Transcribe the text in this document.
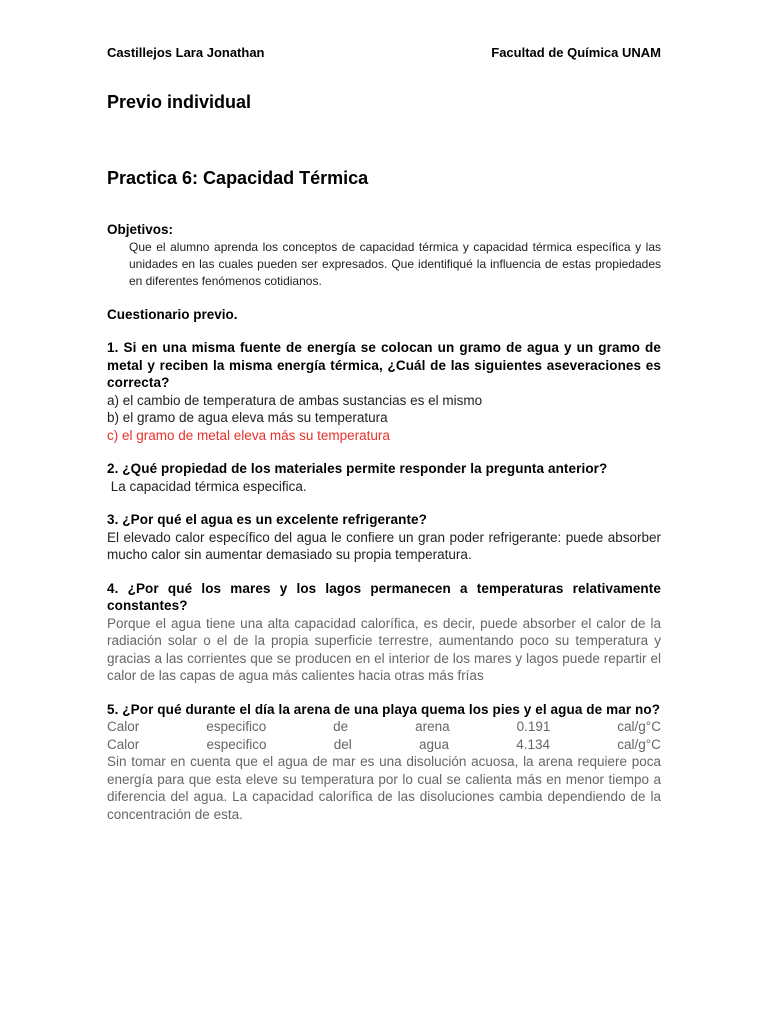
Castillejos Lara Jonathan	Facultad de Química UNAM
Previo individual
Practica 6: Capacidad Térmica
Objetivos:
Que el alumno aprenda los conceptos de capacidad térmica y capacidad térmica específica y las unidades en las cuales pueden ser expresados. Que identifiqué la influencia de estas propiedades en diferentes fenómenos cotidianos.
Cuestionario previo.
1. Si en una misma fuente de energía se colocan un gramo de agua y un gramo de metal y reciben la misma energía térmica, ¿Cuál de las siguientes aseveraciones es correcta?
a) el cambio de temperatura de ambas sustancias es el mismo
b) el gramo de agua eleva más su temperatura
c) el gramo de metal eleva más su temperatura
2. ¿Qué propiedad de los materiales permite responder la pregunta anterior?
La capacidad térmica especifica.
3. ¿Por qué el agua es un excelente refrigerante?
El elevado calor específico del agua le confiere un gran poder refrigerante: puede absorber mucho calor sin aumentar demasiado su propia temperatura.
4. ¿Por qué los mares y los lagos permanecen a temperaturas relativamente constantes?
Porque el agua tiene una alta capacidad calorífica, es decir, puede absorber el calor de la radiación solar o el de la propia superficie terrestre, aumentando poco su temperatura y gracias a las corrientes que se producen en el interior de los mares y lagos puede repartir el calor de las capas de agua más calientes hacia otras más frías
5. ¿Por qué durante el día la arena de una playa quema los pies y el agua de mar no?
Calor	especifico	de	arena	0.191	cal/g°C
Calor	especifico	del	agua	4.134	cal/g°C
Sin tomar en cuenta que el agua de mar es una disolución acuosa, la arena requiere poca energía para que esta eleve su temperatura por lo cual se calienta más en menor tiempo a diferencia del agua. La capacidad calorífica de las disoluciones cambia dependiendo de la concentración de esta.
